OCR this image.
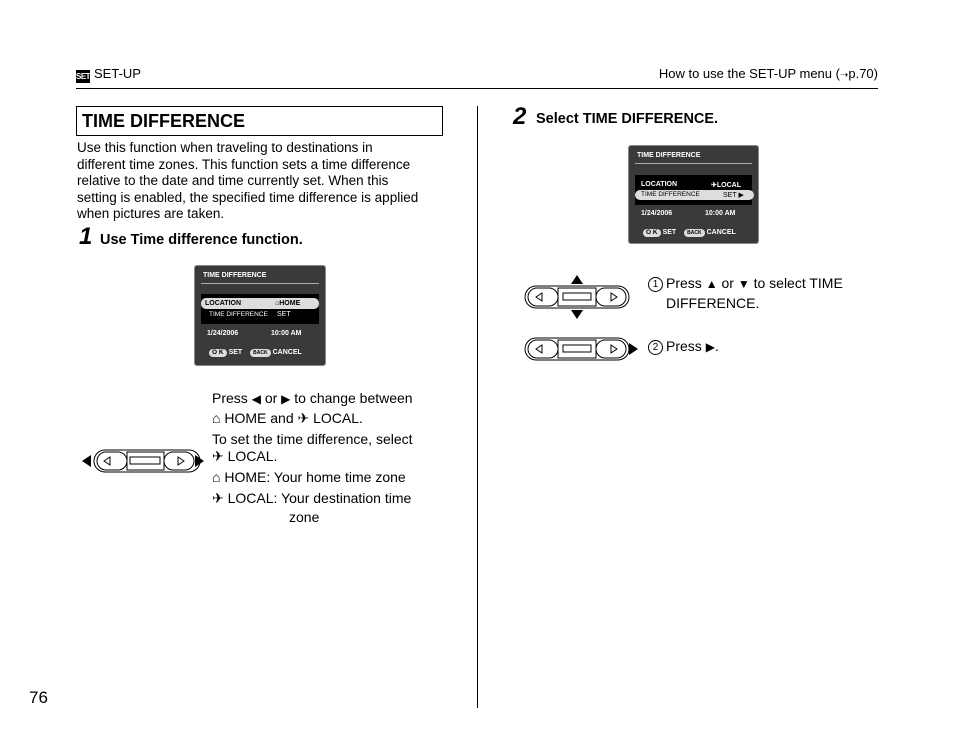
SET SET-UP	How to use the SET-UP menu (➝p.70)
TIME DIFFERENCE
Use this function when traveling to destinations in
different time zones. This function sets a time difference
relative to the date and time currently set. When this
setting is enabled, the specified time difference is applied
when pictures are taken.
1 Use Time difference function.
TIME DIFFERENCE
LOCATION	⌂HOME
TIME DIFFERENCE SET
1/24/2006	10:00 AM
O K SET BACK CANCEL
Press ◀ or ▶ to change between
⌂ HOME and ✈ LOCAL.
To set the time difference, select
✈ LOCAL.
⌂ HOME: Your home time zone
✈ LOCAL: Your destination time
zone
2 Select TIME DIFFERENCE.
TIME DIFFERENCE
LOCATION	✈LOCAL
TIME DIFFERENCE	SET ▶
1/24/2006	10:00 AM
O K SET BACK CANCEL
1 Press ▲ or ▼ to select TIME
DIFFERENCE.
2 Press ▶.
76
